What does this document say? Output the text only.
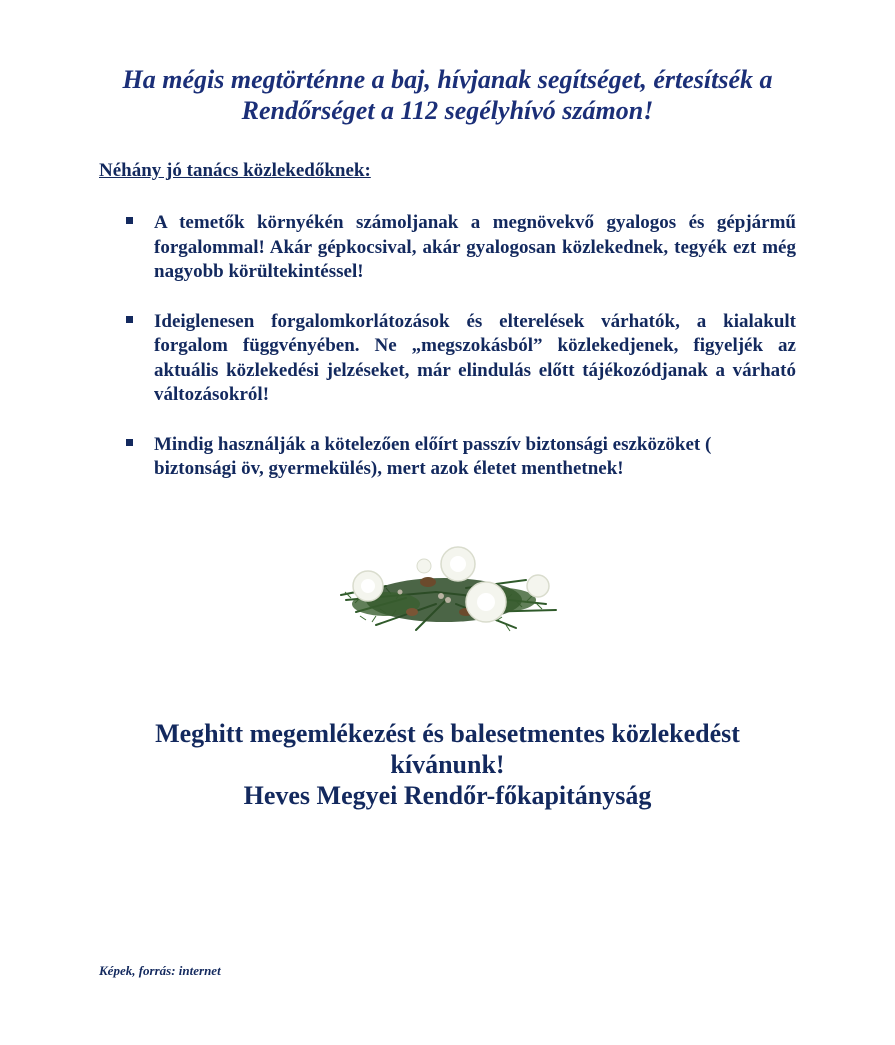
Ha mégis megtörténne a baj, hívjanak segítséget, értesítsék a Rendőrséget a 112 segélyhívó számon!
Néhány jó tanács közlekedőknek:
A temetők környékén számoljanak a megnövekvő gyalogos és gépjármű forgalommal! Akár gépkocsival, akár gyalogosan közlekednek, tegyék ezt még nagyobb körültekintéssel!
Ideiglenesen forgalomkorlátozások és elterelések várhatók, a kialakult forgalom függvényében. Ne „megszokásból” közlekedjenek, figyeljék az aktuális közlekedési jelzéseket, már elindulás előtt tájékozódjanak a várható változásokról!
Mindig használják a kötelezően előírt passzív biztonsági eszközöket ( biztonsági öv, gyermekülés), mert azok életet menthetnek!
Meghitt megemlékezést és balesetmentes közlekedést
kívánunk!
Heves Megyei Rendőr-főkapitányság
Képek, forrás: internet
